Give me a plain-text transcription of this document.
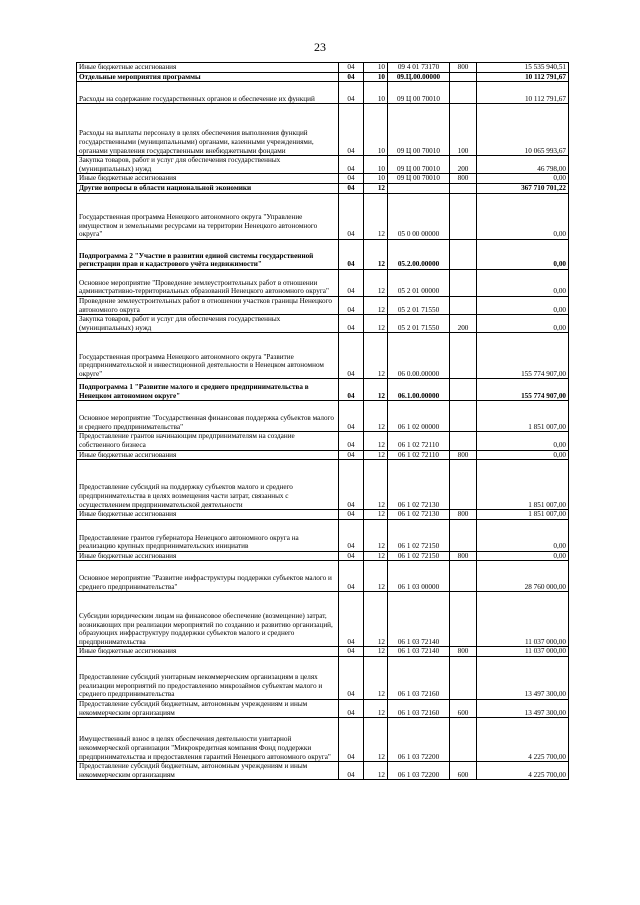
23
Иные бюджетные ассигнования	04	10	09 4 01 73170	800	15 535 940,51
Отдельные мероприятия программы	04	10	09.Ц.00.00000		10 112 791,67
Расходы на содержание государственных органов и обеспечение их функций	04	10	09 Ц 00 70010		10 112 791,67
Расходы на выплаты персоналу в целях обеспечения выполнения функций государственными (муниципальными) органами, казенными учреждениями, органами управления государственными внебюджетными фондами	04	10	09 Ц 00 70010	100	10 065 993,67
Закупка товаров, работ и услуг для обеспечения государственных (муниципальных) нужд	04	10	09 Ц 00 70010	200	46 798,00
Иные бюджетные ассигнования	04	10	09 Ц 00 70010	800	0,00
Другие вопросы в области национальной экономики	04	12			367 710 701,22
Государственная программа Ненецкого автономного округа "Управление имуществом и земельными ресурсами на территории Ненецкого автономного округа"	04	12	05 0 00 00000		0,00
Подпрограмма 2 "Участие в развитии единой системы государственной регистрации прав и кадастрового учёта недвижимости"	04	12	05.2.00.00000		0,00
Основное мероприятие "Проведение землеустроительных работ в отношении административно-территориальных образований Ненецкого автономного округа"	04	12	05 2 01 00000		0,00
Проведение землеустроительных работ в отношении участков границы Ненецкого автономного округа	04	12	05 2 01 71550		0,00
Закупка товаров, работ и услуг для обеспечения государственных (муниципальных) нужд	04	12	05 2 01 71550	200	0,00
Государственная программа Ненецкого автономного округа "Развитие предпринимательской и инвестиционной деятельности в Ненецком автономном округе"	04	12	06 0.00.00000		155 774 907,00
Подпрограмма 1 "Развитие малого и среднего предпринимательства в Ненецком автономном округе"	04	12	06.1.00.00000		155 774 907,00
Основное мероприятие "Государственная финансовая поддержка субъектов малого и среднего предпринимательства"	04	12	06 1 02 00000		1 851 007,00
Предоставление грантов начинающим предпринимателям на создание собственного бизнеса	04	12	06 1 02 72110		0,00
Иные бюджетные ассигнования	04	12	06 1 02 72110	800	0,00
Предоставление субсидий на поддержку субъектов малого и среднего предпринимательства в целях возмещения части затрат, связанных с осуществлением предпринимательской деятельности	04	12	06 1 02 72130		1 851 007,00
Иные бюджетные ассигнования	04	12	06 1 02 72130	800	1 851 007,00
Предоставление грантов губернатора Ненецкого автономного округа на реализацию крупных предпринимательских инициатив	04	12	06 1 02 72150		0,00
Иные бюджетные ассигнования	04	12	06 1 02 72150	800	0,00
Основное мероприятие "Развитие инфраструктуры поддержки субъектов малого и среднего предпринимательства"	04	12	06 1 03 00000		28 760 000,00
Субсидии юридическим лицам на финансовое обеспечение (возмещение) затрат, возникающих при реализации мероприятий по созданию и развитию организаций, образующих инфраструктуру поддержки субъектов малого и среднего предпринимательства	04	12	06 1 03 72140		11 037 000,00
Иные бюджетные ассигнования	04	12	06 1 03 72140	800	11 037 000,00
Предоставление субсидий унитарным некоммерческим организациям в целях реализации мероприятий по предоставлению микрозаймов субъектам малого и среднего предпринимательства	04	12	06 1 03 72160		13 497 300,00
Предоставление субсидий бюджетным, автономным учреждениям и иным некоммерческим организациям	04	12	06 1 03 72160	600	13 497 300,00
Имущественный взнос в целях обеспечения деятельности унитарной некоммерческой организации "Микрокредитная компания Фонд поддержки предпринимательства и предоставления гарантий Ненецкого автономного округа"	04	12	06 1 03 72200		4 225 700,00
Предоставление субсидий бюджетным, автономным учреждениям и иным некоммерческим организациям	04	12	06 1 03 72200	600	4 225 700,00
